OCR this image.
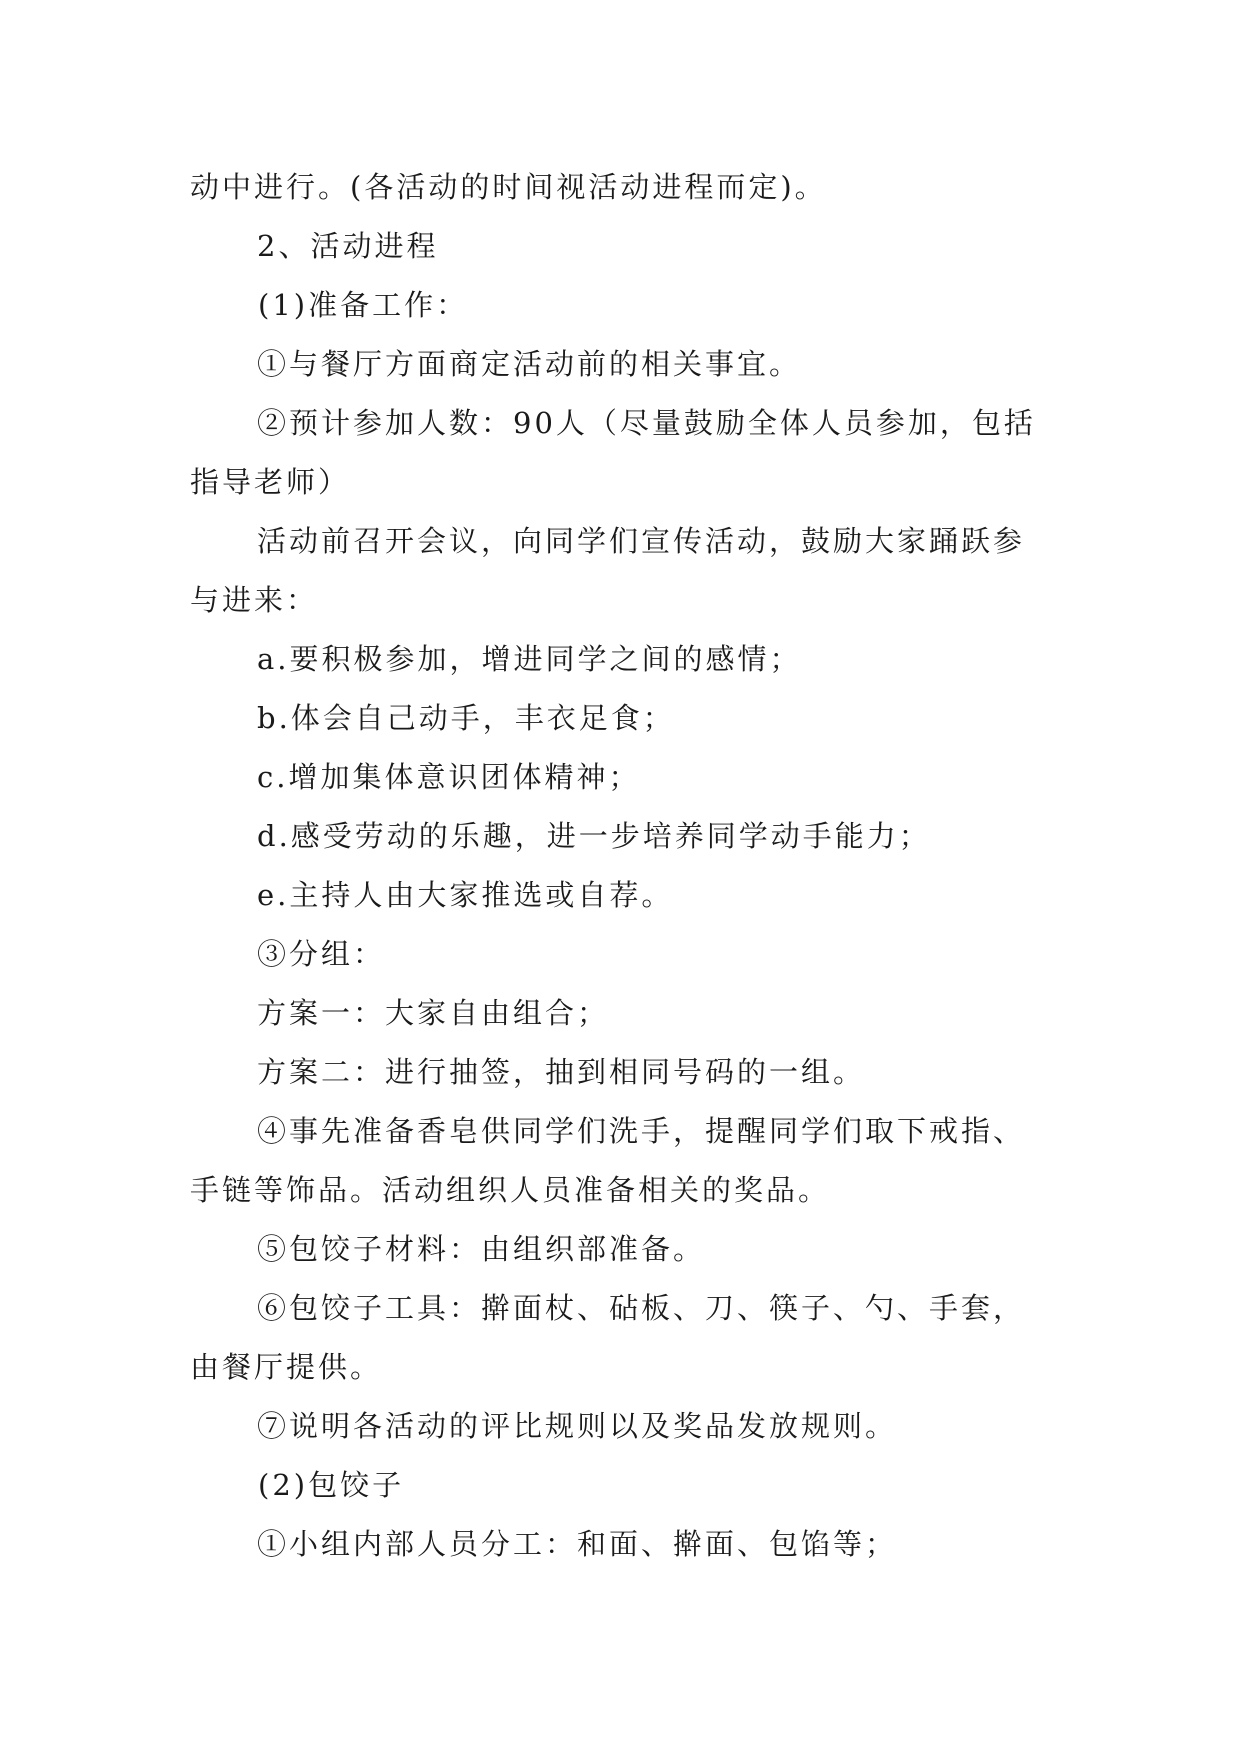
动中进行。(各活动的时间视活动进程而定)。
2、活动进程
(1)准备工作：
①与餐厅方面商定活动前的相关事宜。
②预计参加人数：90人（尽量鼓励全体人员参加，包括
指导老师）
活动前召开会议，向同学们宣传活动，鼓励大家踊跃参
与进来：
a.要积极参加，增进同学之间的感情；
b.体会自己动手，丰衣足食；
c.增加集体意识团体精神；
d.感受劳动的乐趣，进一步培养同学动手能力；
e.主持人由大家推选或自荐。
③分组：
方案一：大家自由组合；
方案二：进行抽签，抽到相同号码的一组。
④事先准备香皂供同学们洗手，提醒同学们取下戒指、
手链等饰品。活动组织人员准备相关的奖品。
⑤包饺子材料：由组织部准备。
⑥包饺子工具：擀面杖、砧板、刀、筷子、勺、手套，
由餐厅提供。
⑦说明各活动的评比规则以及奖品发放规则。
(2)包饺子
①小组内部人员分工：和面、擀面、包馅等；
